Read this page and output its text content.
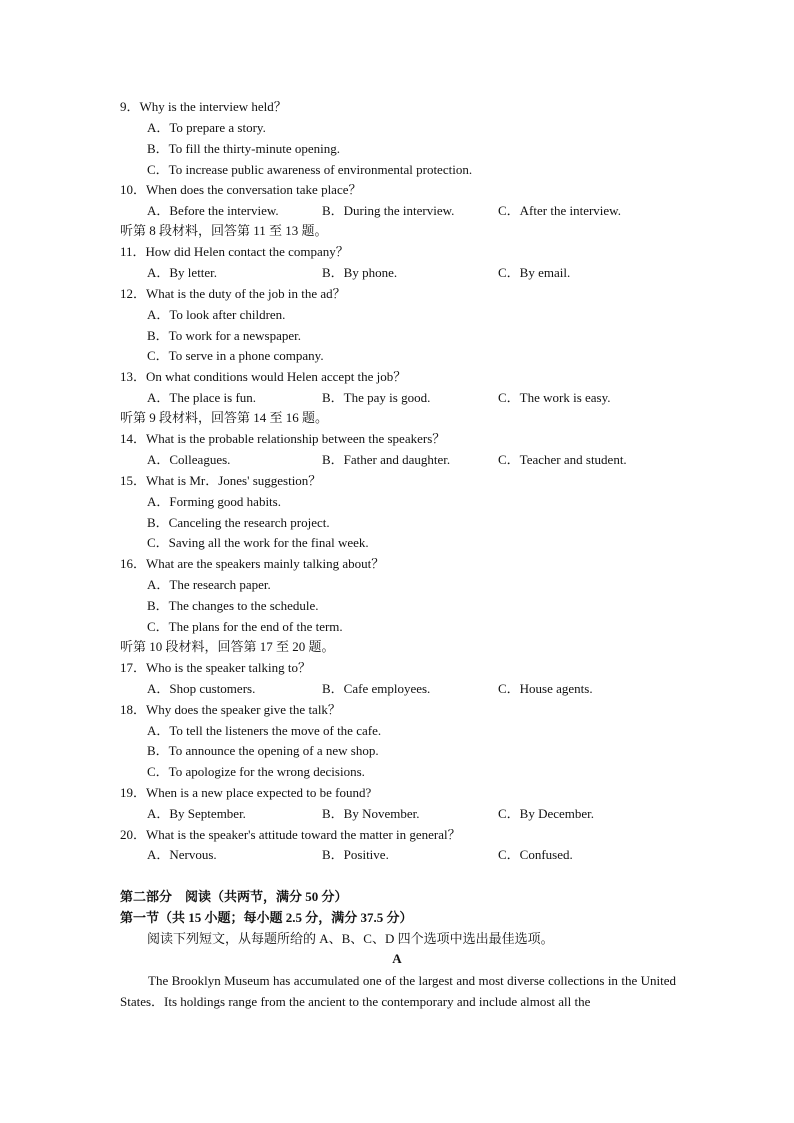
9．Why is the interview held？
A．To prepare a story.
B．To fill the thirty-minute opening.
C．To increase public awareness of environmental protection.
10．When does the conversation take place？
A．Before the interview.	B．During the interview.	C．After the interview.
听第 8 段材料，回答第 11 至 13 题。
11．How did Helen contact the company？
A．By letter.	B．By phone.	C．By email.
12．What is the duty of the job in the ad？
A．To look after children.
B．To work for a newspaper.
C．To serve in a phone company.
13．On what conditions would Helen accept the job？
A．The place is fun.	B．The pay is good.	C．The work is easy.
听第 9 段材料，回答第 14 至 16 题。
14．What is the probable relationship between the speakers？
A．Colleagues.	B．Father and daughter.	C．Teacher and student.
15．What is Mr．Jones' suggestion？
A．Forming good habits.
B．Canceling the research project.
C．Saving all the work for the final week.
16．What are the speakers mainly talking about？
A．The research paper.
B．The changes to the schedule.
C．The plans for the end of the term.
听第 10 段材料，回答第 17 至 20 题。
17．Who is the speaker talking to？
A．Shop customers.	B．Cafe employees.	C．House agents.
18．Why does the speaker give the talk？
A．To tell the listeners the move of the cafe.
B．To announce the opening of a new shop.
C．To apologize for the wrong decisions.
19．When is a new place expected to be found?
A．By September.	B．By November.	C．By December.
20．What is the speaker's attitude toward the matter in general？
A．Nervous.	B．Positive.	C．Confused.
第二部分　阅读（共两节，满分 50 分）
第一节（共 15 小题；每小题 2.5 分，满分 37.5 分）
阅读下列短文，从每题所给的 A、B、C、D 四个选项中选出最佳选项。
A
The Brooklyn Museum has accumulated one of the largest and most diverse collections in the United States．Its holdings range from the ancient to the contemporary and include almost all the
